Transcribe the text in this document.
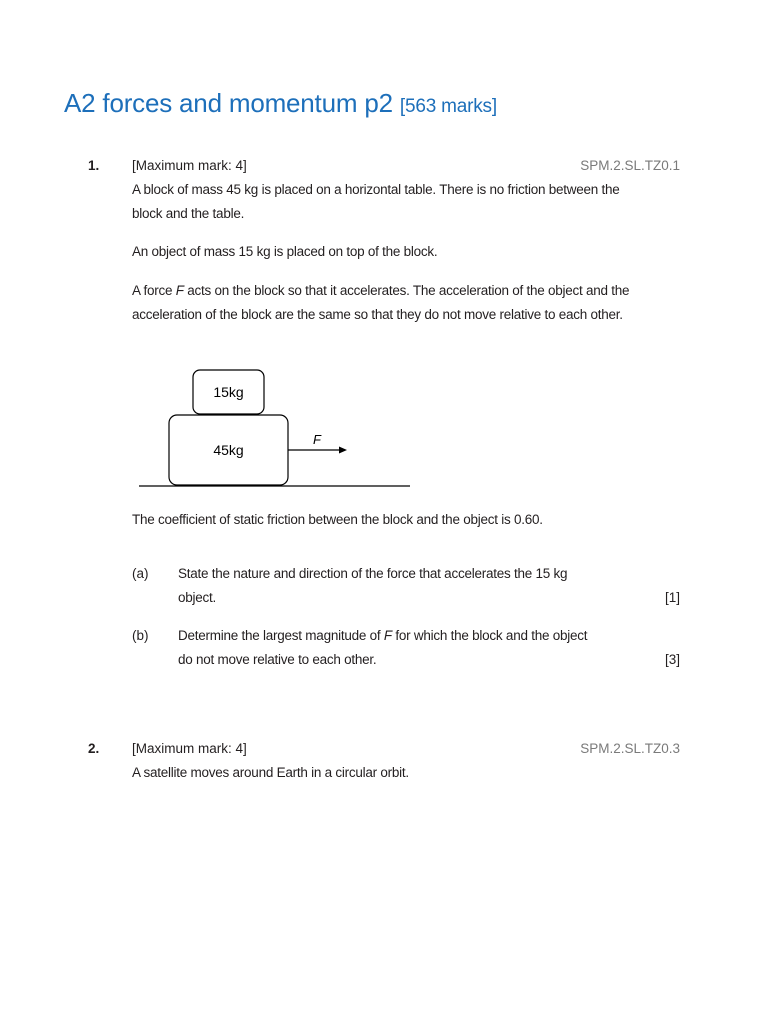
A2 forces and momentum p2 [563 marks]
1. [Maximum mark: 4]	SPM.2.SL.TZ0.1

A block of mass 45 kg is placed on a horizontal table. There is no friction between the block and the table.

An object of mass 15 kg is placed on top of the block.

A force F acts on the block so that it accelerates. The acceleration of the object and the acceleration of the block are the same so that they do not move relative to each other.

15kg
45kg
F

The coefficient of static friction between the block and the object is 0.60.

(a) State the nature and direction of the force that accelerates the 15 kg object.	[1]
(b) Determine the largest magnitude of F for which the block and the object do not move relative to each other.	[3]
2. [Maximum mark: 4]	SPM.2.SL.TZ0.3

A satellite moves around Earth in a circular orbit.
